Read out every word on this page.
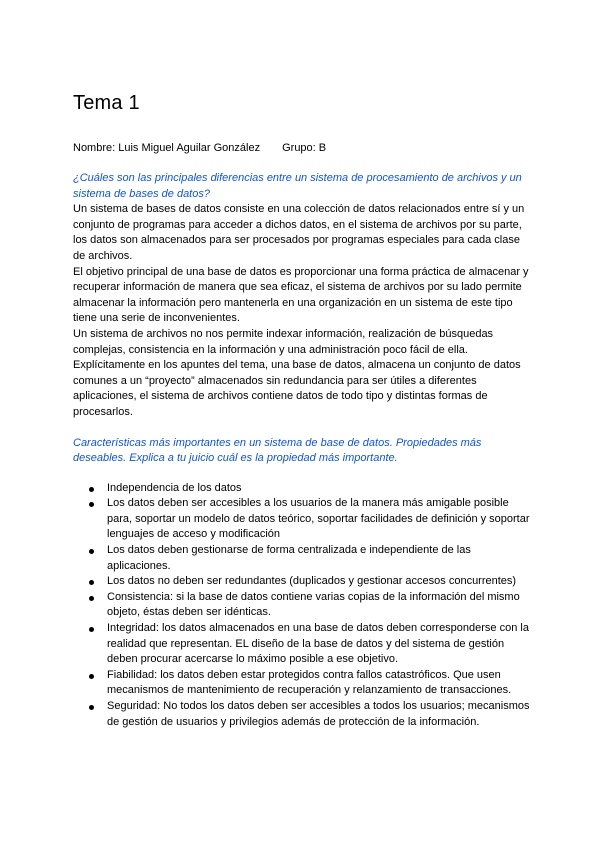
Tema 1
Nombre: Luis Miguel Aguilar González Grupo: B

¿Cuáles son las principales diferencias entre un sistema de procesamiento de archivos y un sistema de bases de datos?

Un sistema de bases de datos consiste en una colección de datos relacionados entre sí y un conjunto de programas para acceder a dichos datos, en el sistema de archivos por su parte, los datos son almacenados para ser procesados por programas especiales para cada clase de archivos.

El objetivo principal de una base de datos es proporcionar una forma práctica de almacenar y recuperar información de manera que sea eficaz, el sistema de archivos por su lado permite almacenar la información pero mantenerla en una organización en un sistema de este tipo tiene una serie de inconvenientes.

Un sistema de archivos no nos permite indexar información, realización de búsquedas complejas, consistencia en la información y una administración poco fácil de ella.

Explícitamente en los apuntes del tema, una base de datos, almacena un conjunto de datos comunes a un “proyecto” almacenados sin redundancia para ser útiles a diferentes aplicaciones, el sistema de archivos contiene datos de todo tipo y distintas formas de procesarlos.

Características más importantes en un sistema de base de datos. Propiedades más deseables. Explica a tu juicio cuál es la propiedad más importante.

Independencia de los datos
Los datos deben ser accesibles a los usuarios de la manera más amigable posible para, soportar un modelo de datos teórico, soportar facilidades de definición y soportar lenguajes de acceso y modificación
Los datos deben gestionarse de forma centralizada e independiente de las aplicaciones.
Los datos no deben ser redundantes (duplicados y gestionar accesos concurrentes)
Consistencia: si la base de datos contiene varias copias de la información del mismo objeto, éstas deben ser idénticas.
Integridad: los datos almacenados en una base de datos deben corresponderse con la realidad que representan. EL diseño de la base de datos y del sistema de gestión deben procurar acercarse lo máximo posible a ese objetivo.
Fiabilidad: los datos deben estar protegidos contra fallos catastróficos. Que usen mecanismos de mantenimiento de recuperación y relanzamiento de transacciones.
Seguridad: No todos los datos deben ser accesibles a todos los usuarios; mecanismos de gestión de usuarios y privilegios además de protección de la información.
